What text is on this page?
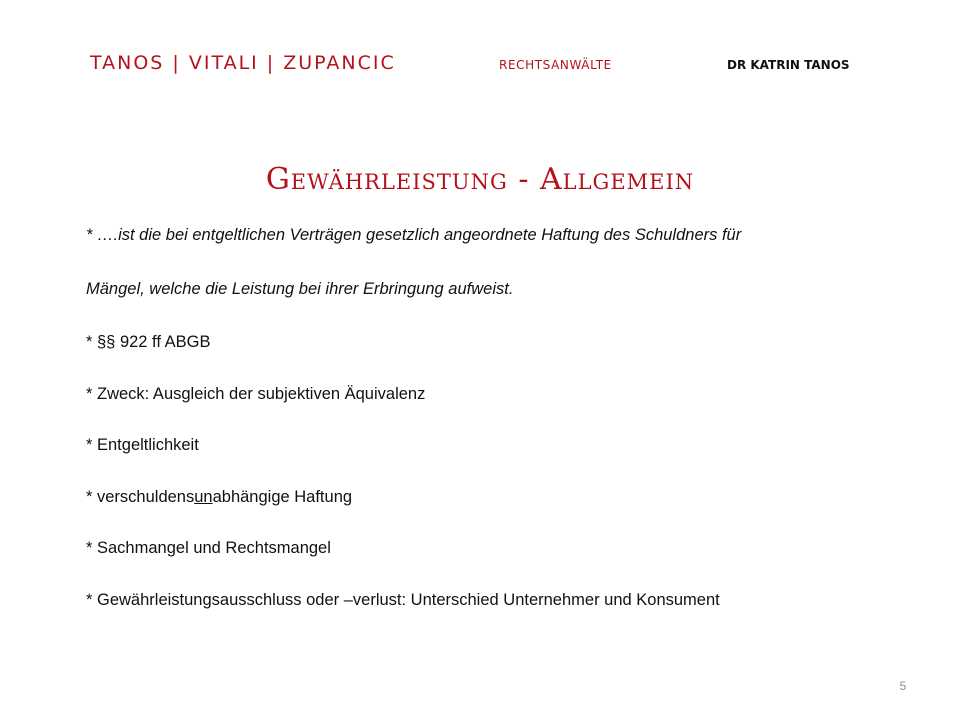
TANOS | VITALI | ZUPANCIC	RECHTSANWÄLTE	DR KATRIN TANOS
Gewährleistung - Allgemein
* ….ist die bei entgeltlichen Verträgen gesetzlich angeordnete Haftung des Schuldners für
Mängel, welche die Leistung bei ihrer Erbringung aufweist.
* §§ 922 ff ABGB
* Zweck: Ausgleich der subjektiven Äquivalenz
* Entgeltlichkeit
* verschuldensunabhängige Haftung
* Sachmangel und Rechtsmangel
* Gewährleistungsausschluss oder –verlust: Unterschied Unternehmer und Konsument
5
